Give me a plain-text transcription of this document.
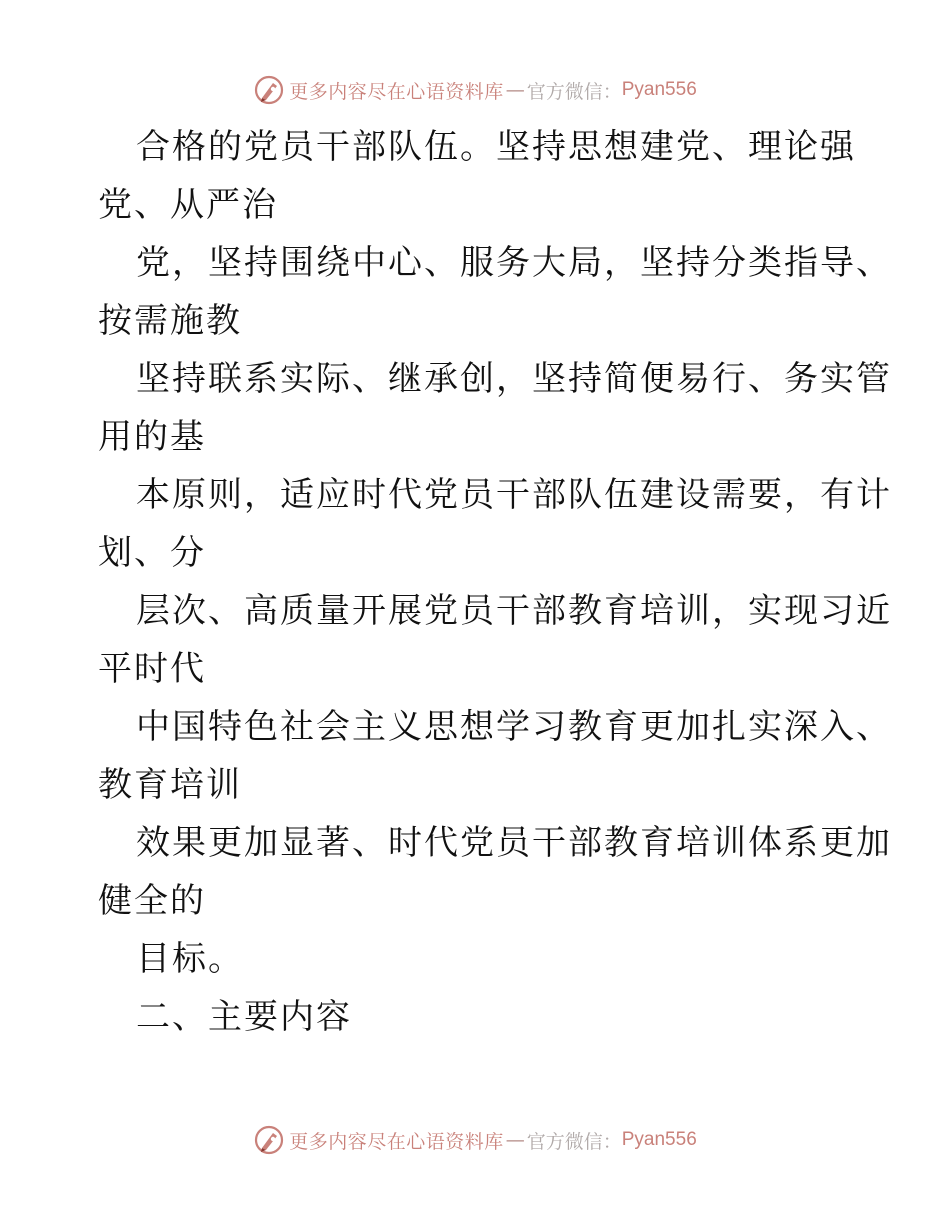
更多内容尽在心语资料库 — 官方微信： Pyan556
合格的党员干部队伍。坚持思想建党、理论强
党、从严治
党，坚持围绕中心、服务大局，坚持分类指导、
按需施教
坚持联系实际、继承创，坚持简便易行、务实管
用的基
本原则，适应时代党员干部队伍建设需要，有计
划、分
层次、高质量开展党员干部教育培训，实现习近
平时代
中国特色社会主义思想学习教育更加扎实深入、
教育培训
效果更加显著、时代党员干部教育培训体系更加
健全的
目标。
二、主要内容
更多内容尽在心语资料库 — 官方微信： Pyan556
